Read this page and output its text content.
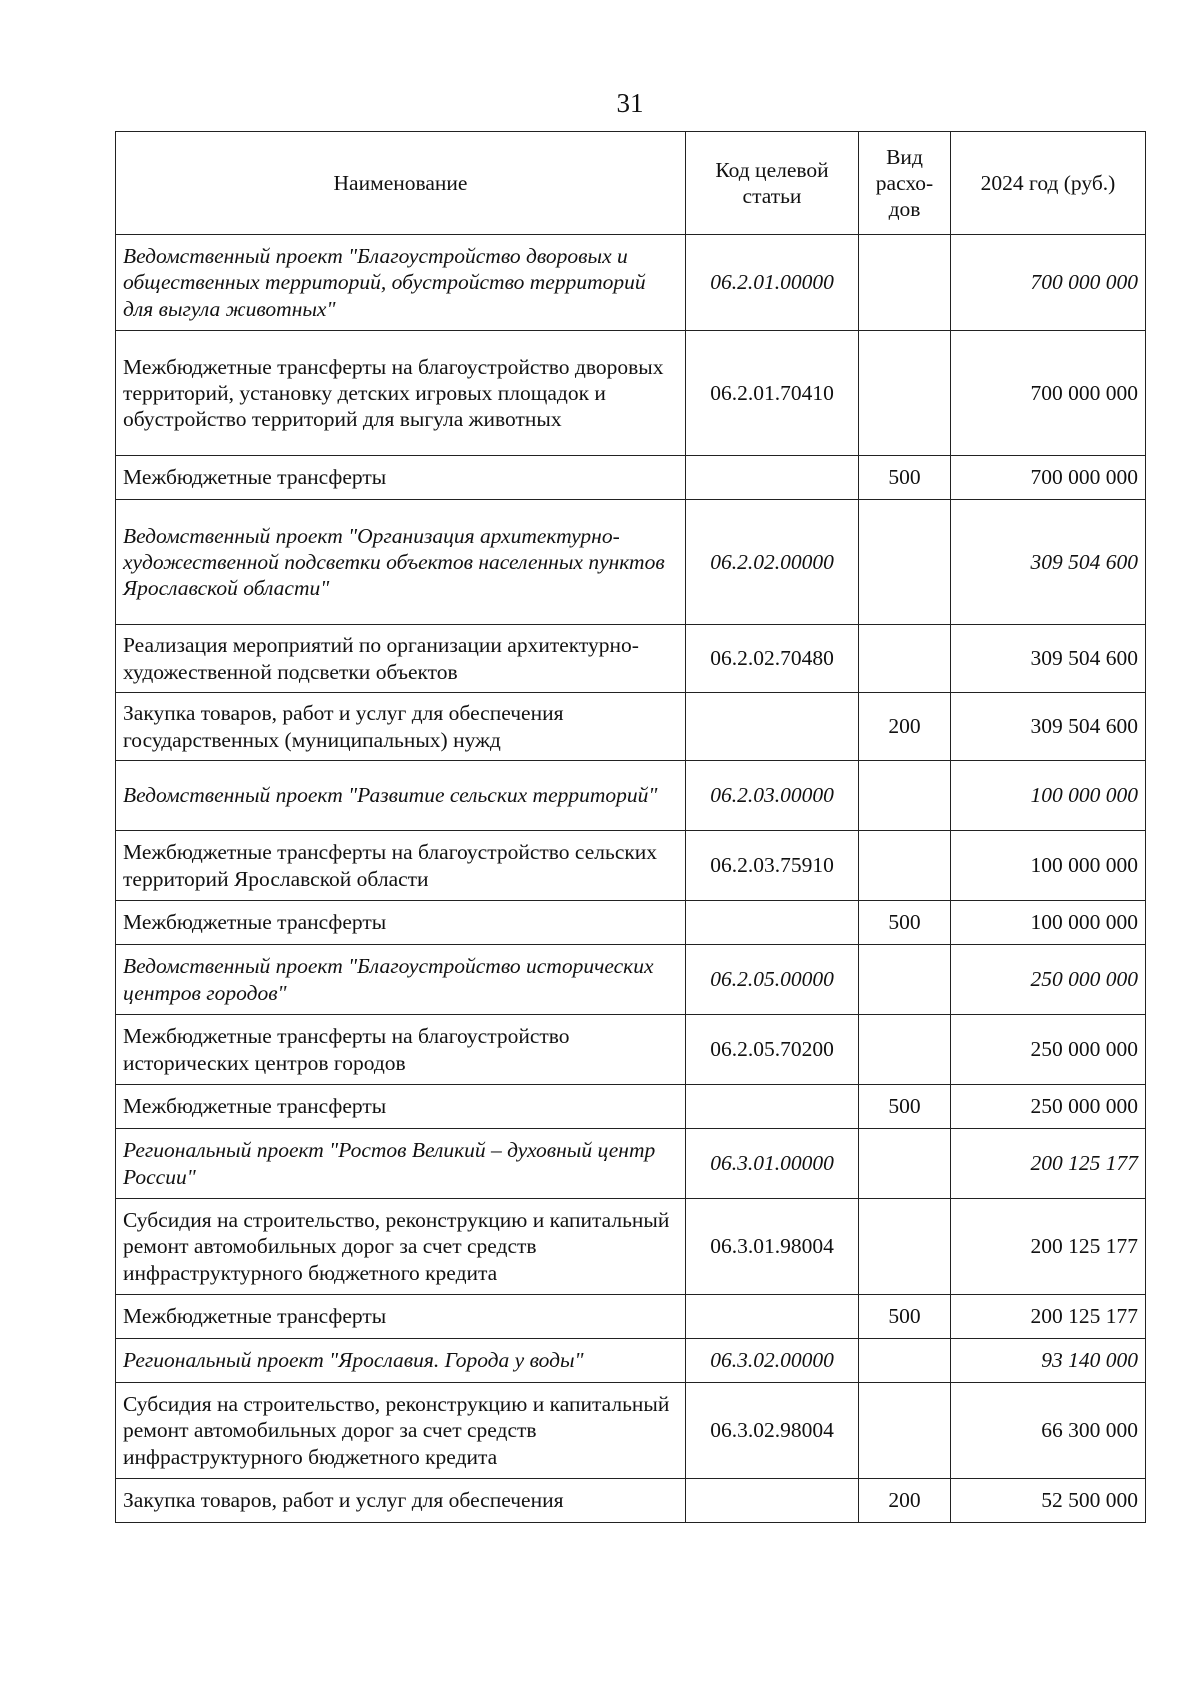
31
Наименование	Код целевой статьи	Вид расхо-дов	2024 год (руб.)
Ведомственный проект "Благоустройство дворовых и общественных территорий, обустройство территорий для выгула животных"	06.2.01.00000		700 000 000
Межбюджетные трансферты на благоустройство дворовых территорий, установку детских игровых площадок и обустройство территорий для выгула животных	06.2.01.70410		700 000 000
Межбюджетные трансферты		500	700 000 000
Ведомственный проект "Организация архитектурно-художественной подсветки объектов населенных пунктов Ярославской области"	06.2.02.00000		309 504 600
Реализация мероприятий по организации архитектурно-художественной подсветки объектов	06.2.02.70480		309 504 600
Закупка товаров, работ и услуг для обеспечения государственных (муниципальных) нужд		200	309 504 600
Ведомственный проект "Развитие сельских территорий"	06.2.03.00000		100 000 000
Межбюджетные трансферты на благоустройство сельских территорий Ярославской области	06.2.03.75910		100 000 000
Межбюджетные трансферты		500	100 000 000
Ведомственный проект "Благоустройство исторических центров городов"	06.2.05.00000		250 000 000
Межбюджетные трансферты на благоустройство исторических центров городов	06.2.05.70200		250 000 000
Межбюджетные трансферты		500	250 000 000
Региональный проект "Ростов Великий – духовный центр России"	06.3.01.00000		200 125 177
Субсидия на строительство, реконструкцию и капитальный ремонт автомобильных дорог за счет средств инфраструктурного бюджетного кредита	06.3.01.98004		200 125 177
Межбюджетные трансферты		500	200 125 177
Региональный проект "Ярославия. Города у воды"	06.3.02.00000		93 140 000
Субсидия на строительство, реконструкцию и капитальный ремонт автомобильных дорог за счет средств инфраструктурного бюджетного кредита	06.3.02.98004		66 300 000
Закупка товаров, работ и услуг для обеспечения		200	52 500 000
